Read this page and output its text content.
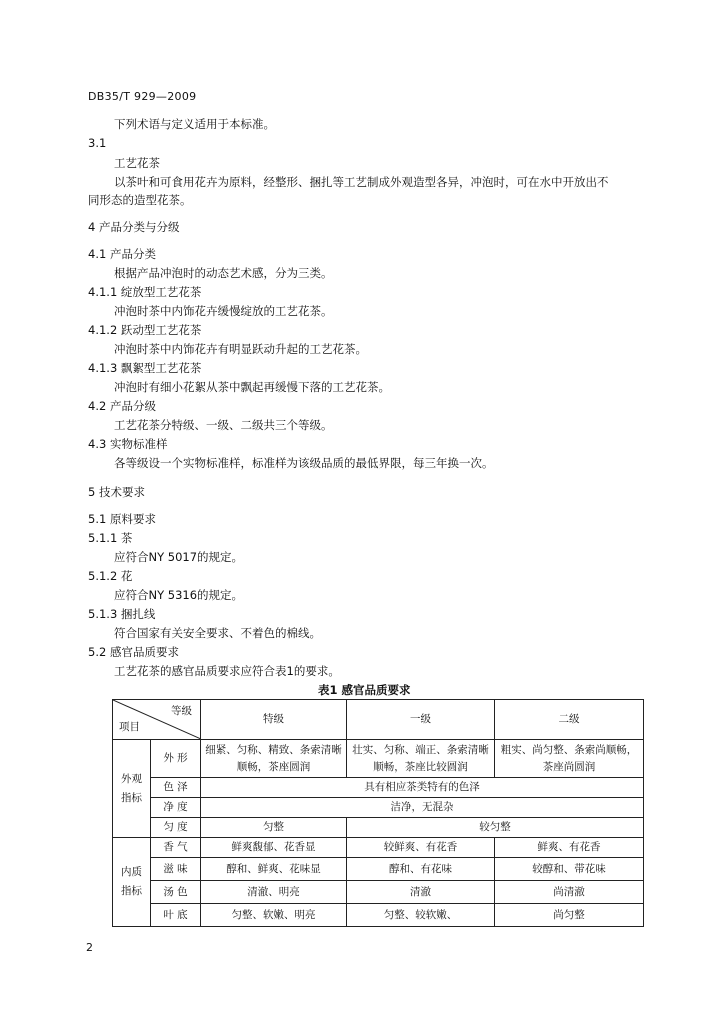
DB35/T 929—2009
下列术语与定义适用于本标准。
3.1
工艺花茶
以茶叶和可食用花卉为原料，经整形、捆扎等工艺制成外观造型各异，冲泡时，可在水中开放出不
同形态的造型花茶。
4 产品分类与分级
4.1 产品分类
根据产品冲泡时的动态艺术感，分为三类。
4.1.1 绽放型工艺花茶
冲泡时茶中内饰花卉缓慢绽放的工艺花茶。
4.1.2 跃动型工艺花茶
冲泡时茶中内饰花卉有明显跃动升起的工艺花茶。
4.1.3 飘絮型工艺花茶
冲泡时有细小花絮从茶中飘起再缓慢下落的工艺花茶。
4.2 产品分级
工艺花茶分特级、一级、二级共三个等级。
4.3 实物标准样
各等级设一个实物标准样，标准样为该级品质的最低界限，每三年换一次。
5 技术要求
5.1 原料要求
5.1.1 茶
应符合NY 5017的规定。
5.1.2 花
应符合NY 5316的规定。
5.1.3 捆扎线
符合国家有关安全要求、不着色的棉线。
5.2 感官品质要求
工艺花茶的感官品质要求应符合表1的要求。
表1 感官品质要求
等级
项目		特级	一级	二级

外观指标	外 形	细紧、匀称、精致、条索清晰顺畅，茶座圆润	壮实、匀称、端正、条索清晰顺畅，茶座比较圆润	粗实、尚匀整、条索尚顺畅，茶座尚圆润
	色 泽	具有相应茶类特有的色泽		
	净 度	洁净，无混杂		
	匀 度	匀整	较匀整	

内质指标	香 气	鲜爽馥郁、花香显	较鲜爽、有花香	鲜爽、有花香
	滋 味	醇和、鲜爽、花味显	醇和、有花味	较醇和、带花味
	汤 色	清澈、明亮	清澈	尚清澈
	叶 底	匀整、软嫩、明亮	匀整、较软嫩、	尚匀整
2
